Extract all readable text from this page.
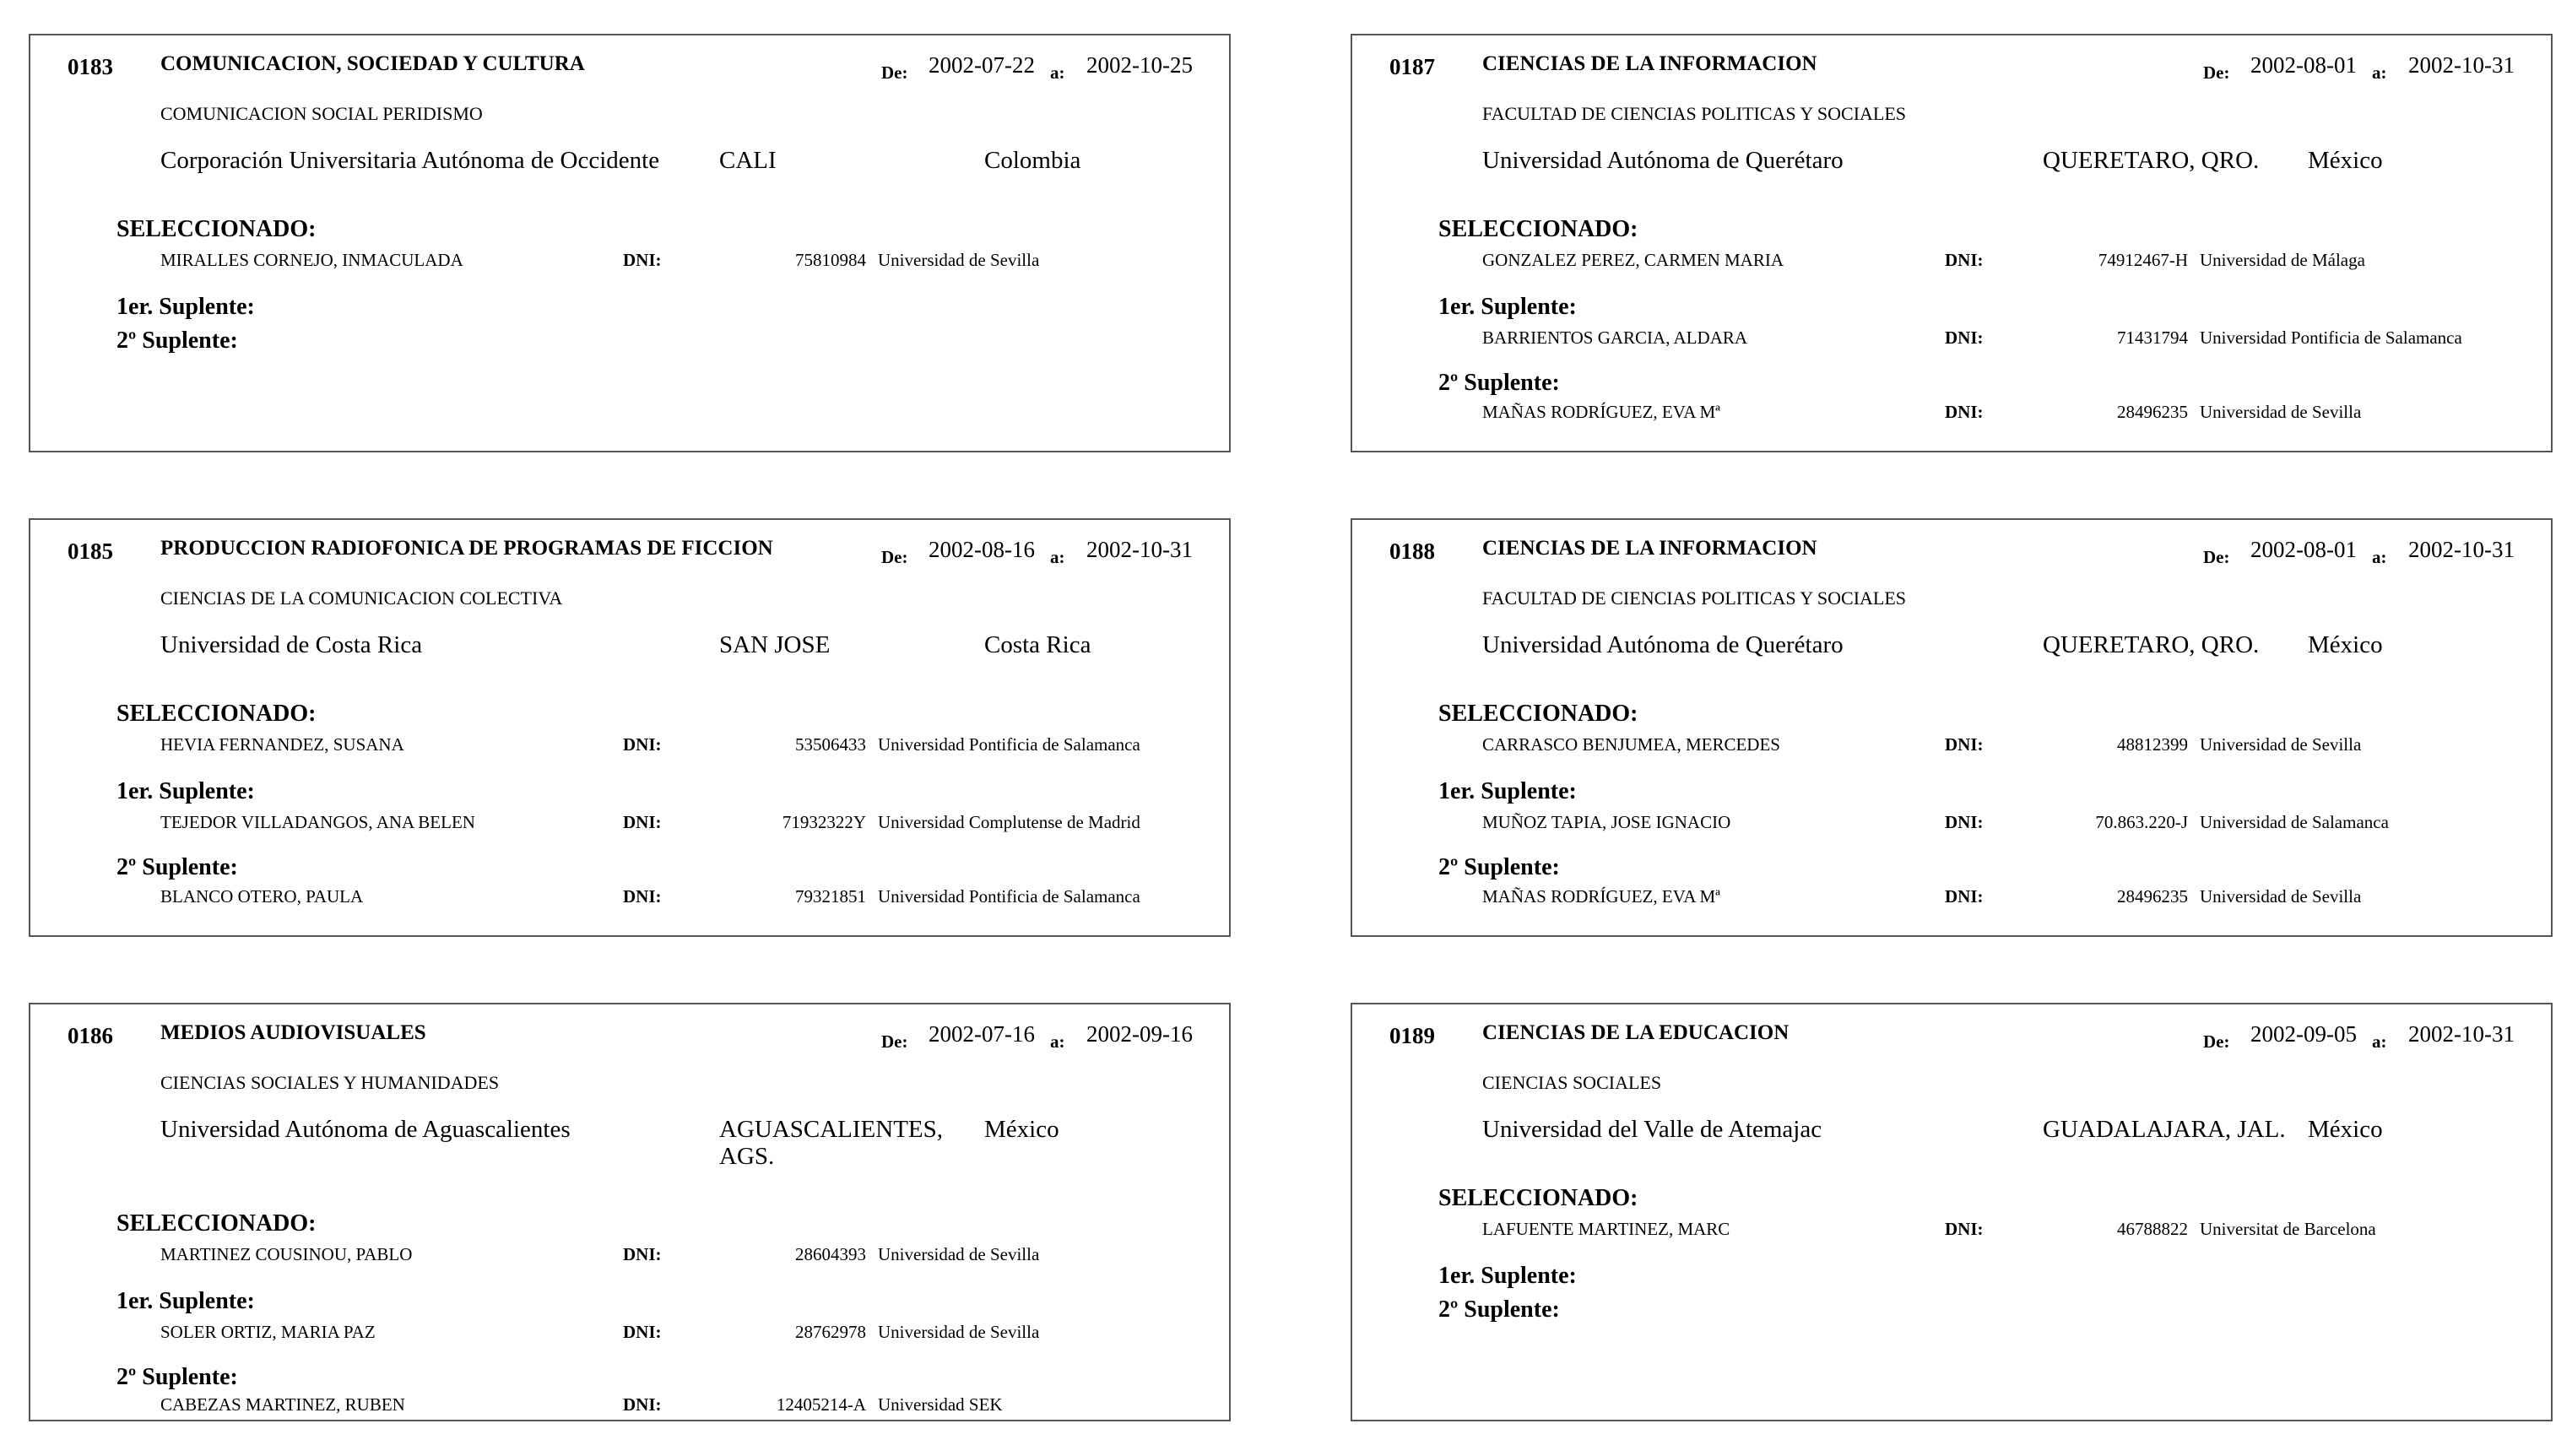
0183 COMUNICACION, SOCIEDAD Y CULTURA	De: 2002-07-22 a: 2002-10-25
COMUNICACION SOCIAL PERIDISMO
Corporación Universitaria Autónoma de Occidente CALI	Colombia
SELECCIONADO:
MIRALLES CORNEJO, INMACULADA	DNI:	75810984 Universidad de Sevilla
1er. Suplente:
2º Suplente:
0187 CIENCIAS DE LA INFORMACION	De: 2002-08-01 a: 2002-10-31
FACULTAD DE CIENCIAS POLITICAS Y SOCIALES
Universidad Autónoma de Querétaro	QUERETARO, QRO. México
SELECCIONADO:
GONZALEZ PEREZ, CARMEN MARIA	DNI:	74912467-H Universidad de Málaga
1er. Suplente:
BARRIENTOS GARCIA, ALDARA	DNI:	71431794 Universidad Pontificia de Salamanca
2º Suplente:
MAÑAS RODRÍGUEZ, EVA Mª	DNI:	28496235 Universidad de Sevilla
0185 PRODUCCION RADIOFONICA DE PROGRAMAS DE FICCION	De: 2002-08-16 a: 2002-10-31
CIENCIAS DE LA COMUNICACION COLECTIVA
Universidad de Costa Rica	SAN JOSE	Costa Rica
SELECCIONADO:
HEVIA FERNANDEZ, SUSANA	DNI:	53506433 Universidad Pontificia de Salamanca
1er. Suplente:
TEJEDOR VILLADANGOS, ANA BELEN	DNI:	71932322Y Universidad Complutense de Madrid
2º Suplente:
BLANCO OTERO, PAULA	DNI:	79321851 Universidad Pontificia de Salamanca
0188 CIENCIAS DE LA INFORMACION	De: 2002-08-01 a: 2002-10-31
FACULTAD DE CIENCIAS POLITICAS Y SOCIALES
Universidad Autónoma de Querétaro	QUERETARO, QRO. México
SELECCIONADO:
CARRASCO BENJUMEA, MERCEDES	DNI:	48812399 Universidad de Sevilla
1er. Suplente:
MUÑOZ TAPIA, JOSE IGNACIO	DNI:	70.863.220-J Universidad de Salamanca
2º Suplente:
MAÑAS RODRÍGUEZ, EVA Mª	DNI:	28496235 Universidad de Sevilla
0186 MEDIOS AUDIOVISUALES	De: 2002-07-16 a: 2002-09-16
CIENCIAS SOCIALES Y HUMANIDADES
Universidad Autónoma de Aguascalientes	AGUASCALIENTES,
AGS.
México
SELECCIONADO:
MARTINEZ COUSINOU, PABLO	DNI:	28604393 Universidad de Sevilla
1er. Suplente:
SOLER ORTIZ, MARIA PAZ	DNI:	28762978 Universidad de Sevilla
2º Suplente:
CABEZAS MARTINEZ, RUBEN	DNI:	12405214-A Universidad SEK
0189 CIENCIAS DE LA EDUCACION	De: 2002-09-05 a: 2002-10-31
CIENCIAS SOCIALES
Universidad del Valle de Atemajac	GUADALAJARA, JAL. México
SELECCIONADO:
LAFUENTE MARTINEZ, MARC	DNI:	46788822 Universitat de Barcelona
1er. Suplente:
2º Suplente:
